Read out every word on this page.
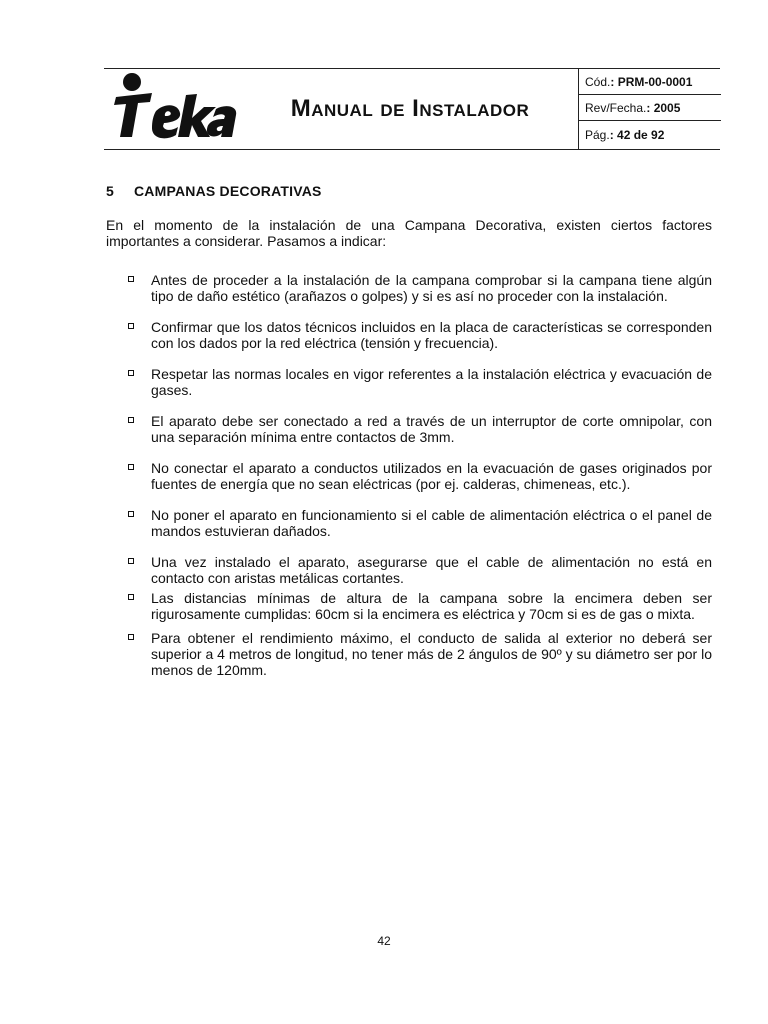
Teka
Manual de Instalador
Cód.: PRM-00-0001
Rev/Fecha.: 2005
Pág.: 42 de 92
5 CAMPANAS DECORATIVAS

En el momento de la instalación de una Campana Decorativa, existen ciertos factores importantes a considerar. Pasamos a indicar:

Antes de proceder a la instalación de la campana comprobar si la campana tiene algún tipo de daño estético (arañazos o golpes) y si es así no proceder con la instalación.
Confirmar que los datos técnicos incluidos en la placa de características se corresponden con los dados por la red eléctrica (tensión y frecuencia).
Respetar las normas locales en vigor referentes a la instalación eléctrica y evacuación de gases.
El aparato debe ser conectado a red a través de un interruptor de corte omnipolar, con una separación mínima entre contactos de 3mm.
No conectar el aparato a conductos utilizados en la evacuación de gases originados por fuentes de energía que no sean eléctricas (por ej. calderas, chimeneas, etc.).
No poner el aparato en funcionamiento si el cable de alimentación eléctrica o el panel de mandos estuvieran dañados.
Una vez instalado el aparato, asegurarse que el cable de alimentación no está en contacto con aristas metálicas cortantes.
Las distancias mínimas de altura de la campana sobre la encimera deben ser rigurosamente cumplidas: 60cm si la encimera es eléctrica y 70cm si es de gas o mixta.
Para obtener el rendimiento máximo, el conducto de salida al exterior no deberá ser superior a 4 metros de longitud, no tener más de 2 ángulos de 90º y su diámetro ser por lo menos de 120mm.
42
